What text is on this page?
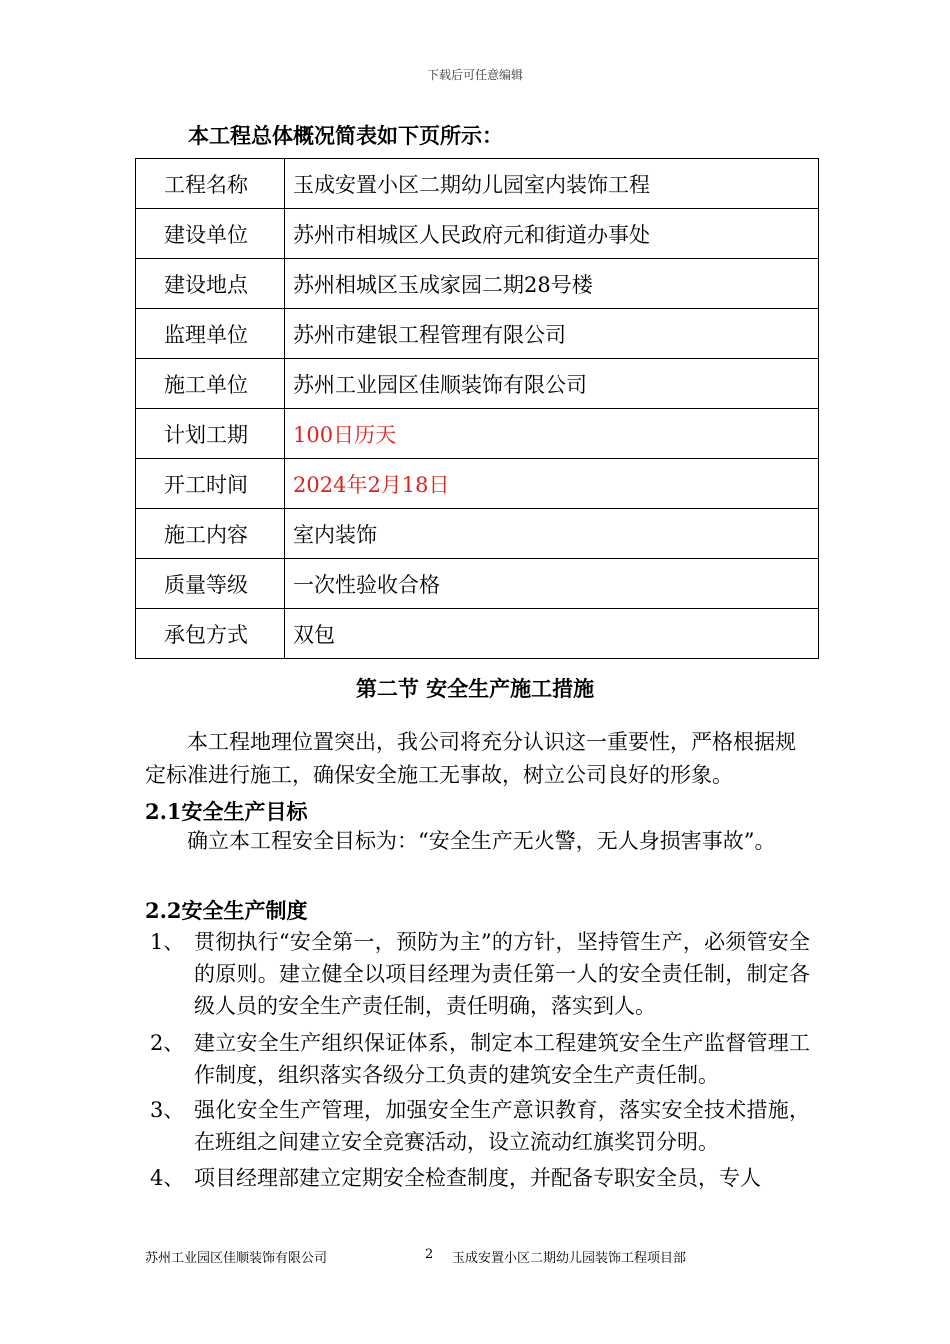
下载后可任意编辑
本工程总体概况简表如下页所示：
工程名称	玉成安置小区二期幼儿园室内装饰工程
建设单位	苏州市相城区人民政府元和街道办事处
建设地点	苏州相城区玉成家园二期28号楼
监理单位	苏州市建银工程管理有限公司
施工单位	苏州工业园区佳顺装饰有限公司
计划工期	100日历天
开工时间	2024年2月18日
施工内容	室内装饰
质量等级	一次性验收合格
承包方式	双包
第二节 安全生产施工措施
本工程地理位置突出，我公司将充分认识这一重要性，严格根据规定标准进行施工，确保安全施工无事故，树立公司良好的形象。
2.1安全生产目标
确立本工程安全目标为：“安全生产无火警，无人身损害事故”。
2.2安全生产制度
1、 贯彻执行“安全第一，预防为主”的方针，坚持管生产，必须管安全的原则。建立健全以项目经理为责任第一人的安全责任制，制定各级人员的安全生产责任制，责任明确，落实到人。
2、 建立安全生产组织保证体系，制定本工程建筑安全生产监督管理工作制度，组织落实各级分工负责的建筑安全生产责任制。
3、 强化安全生产管理，加强安全生产意识教育，落实安全技术措施，在班组之间建立安全竞赛活动，设立流动红旗奖罚分明。
4、 项目经理部建立定期安全检查制度，并配备专职安全员，专人
苏州工业园区佳顺装饰有限公司	2 玉成安置小区二期幼儿园装饰工程项目部
